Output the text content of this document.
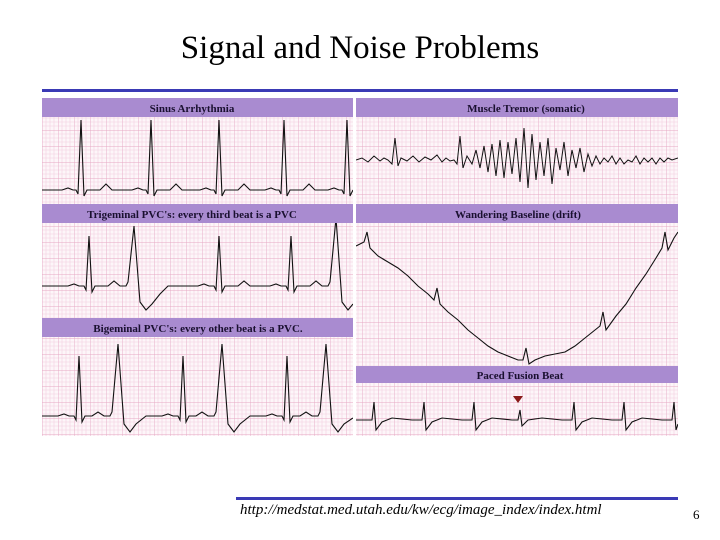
Signal and Noise Problems
Sinus Arrhythmia	Muscle Tremor (somatic)
Trigeminal PVC's: every third beat is a PVC	Wandering Baseline (drift)
Bigeminal PVC's: every other beat is a PVC.
Paced Fusion Beat
http://medstat.med.utah.edu/kw/ecg/image_index/index.html	6
